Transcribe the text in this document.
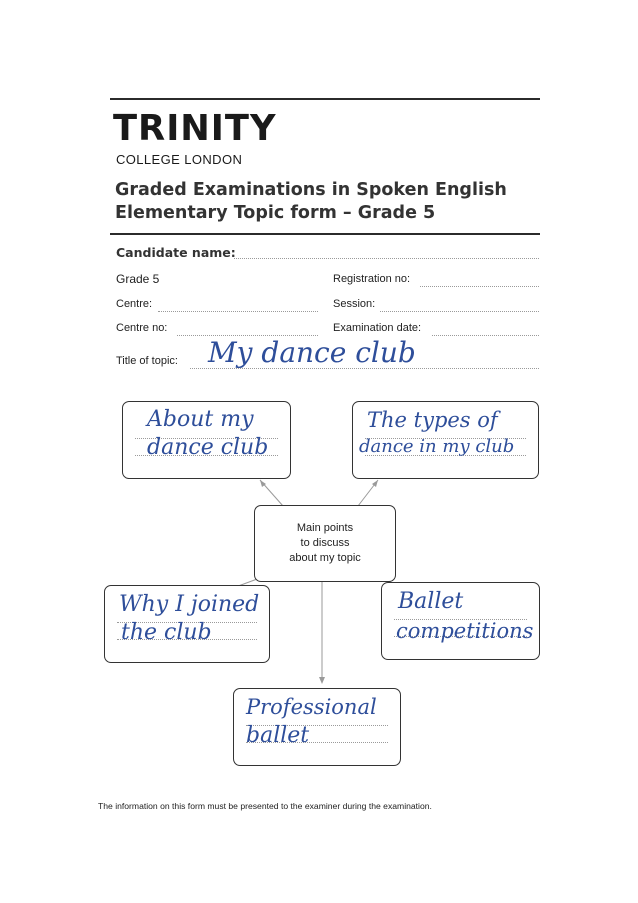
TRINITY
COLLEGE LONDON
Graded Examinations in Spoken English
Elementary Topic form – Grade 5
Candidate name:
Grade 5	Registration no:
Centre:	Session:
Centre no:	Examination date:
Title of topic: My dance club
About my
dance club
The types of
dance in my club
Main points
to discuss
about my topic
Why I joined
the club
Ballet
competitions
Professional
ballet
The information on this form must be presented to the examiner during the examination.
